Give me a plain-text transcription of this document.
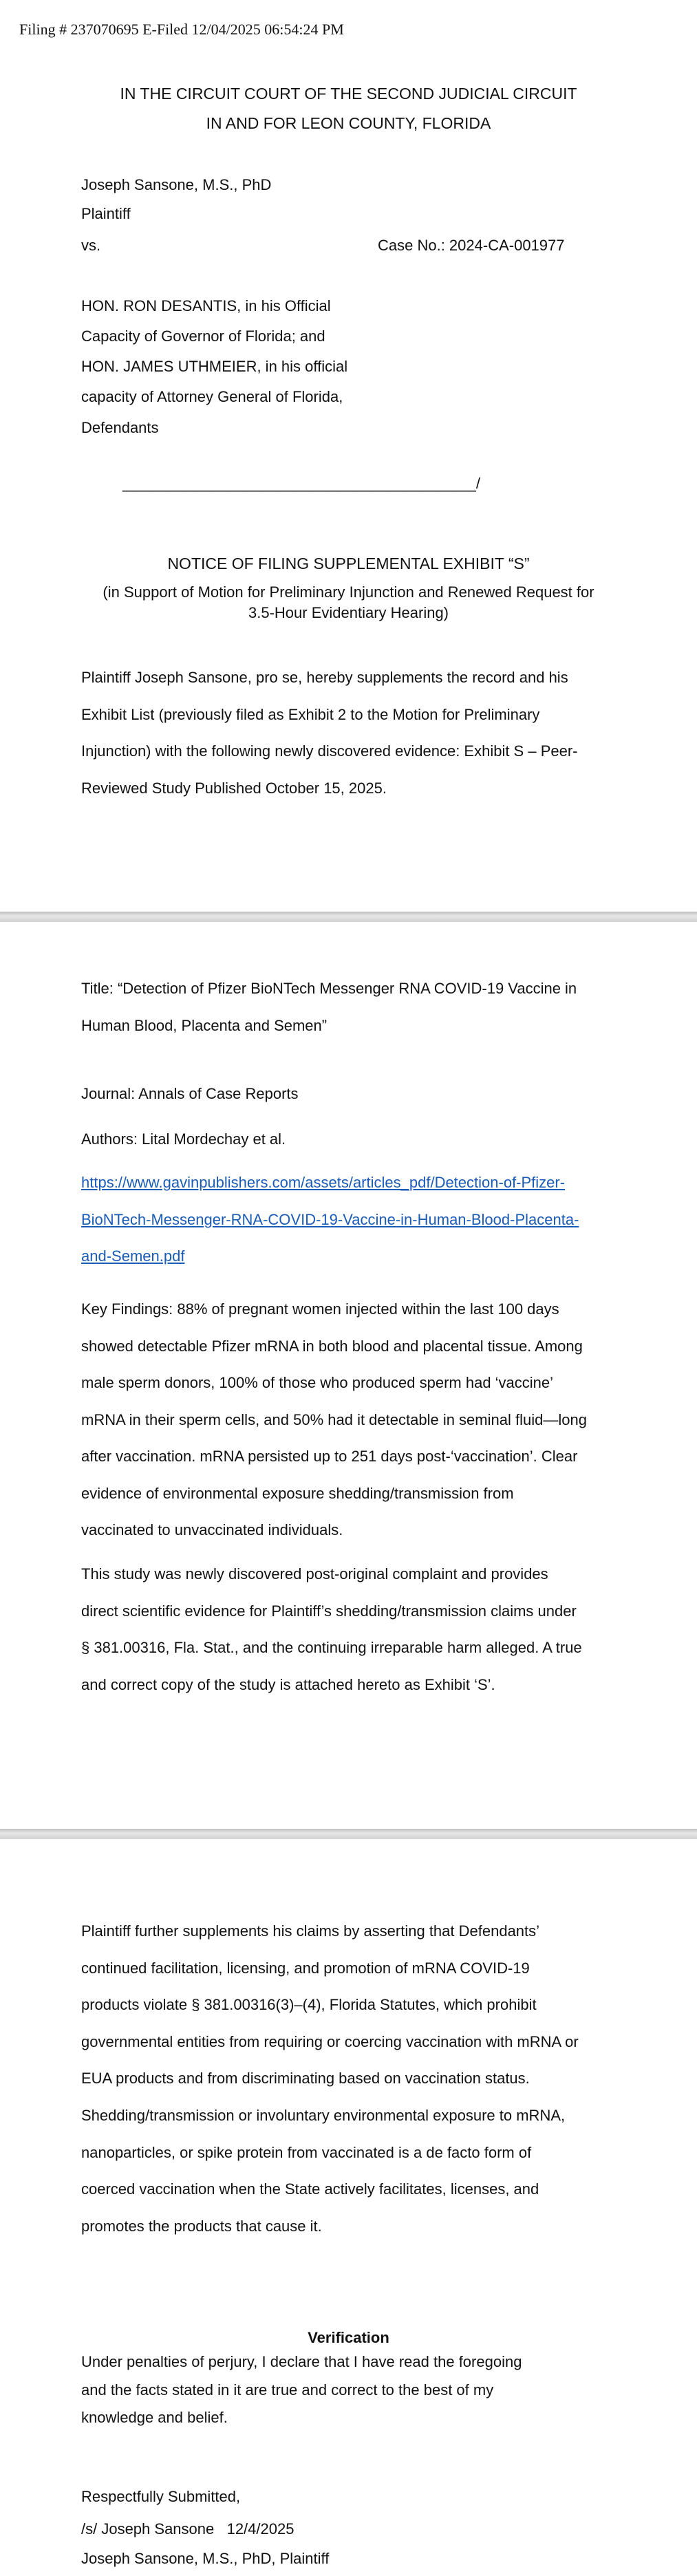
Filing # 237070695 E-Filed 12/04/2025 06:54:24 PM
IN THE CIRCUIT COURT OF THE SECOND JUDICIAL CIRCUIT
IN AND FOR LEON COUNTY, FLORIDA
Joseph Sansone, M.S., PhD
Plaintiff
vs.	Case No.: 2024-CA-001977
HON. RON DESANTIS, in his Official
Capacity of Governor of Florida; and
HON. JAMES UTHMEIER, in his official
capacity of Attorney General of Florida,
Defendants
__________________________________________/
NOTICE OF FILING SUPPLEMENTAL EXHIBIT “S”
(in Support of Motion for Preliminary Injunction and Renewed Request for
3.5-Hour Evidentiary Hearing)
Plaintiff Joseph Sansone, pro se, hereby supplements the record and his
Exhibit List (previously filed as Exhibit 2 to the Motion for Preliminary
Injunction) with the following newly discovered evidence: Exhibit S – Peer-
Reviewed Study Published October 15, 2025.
Title: “Detection of Pfizer BioNTech Messenger RNA COVID-19 Vaccine in
Human Blood, Placenta and Semen”
Journal: Annals of Case Reports
Authors: Lital Mordechay et al.
https://www.gavinpublishers.com/assets/articles_pdf/Detection-of-Pfizer-
BioNTech-Messenger-RNA-COVID-19-Vaccine-in-Human-Blood-Placenta-
and-Semen.pdf
Key Findings: 88% of pregnant women injected within the last 100 days
showed detectable Pfizer mRNA in both blood and placental tissue. Among
male sperm donors, 100% of those who produced sperm had ‘vaccine’
mRNA in their sperm cells, and 50% had it detectable in seminal fluid—long
after vaccination. mRNA persisted up to 251 days post-‘vaccination’. Clear
evidence of environmental exposure shedding/transmission from
vaccinated to unvaccinated individuals.
This study was newly discovered post-original complaint and provides
direct scientific evidence for Plaintiff’s shedding/transmission claims under
§ 381.00316, Fla. Stat., and the continuing irreparable harm alleged. A true
and correct copy of the study is attached hereto as Exhibit ‘S’.
Plaintiff further supplements his claims by asserting that Defendants’
continued facilitation, licensing, and promotion of mRNA COVID-19
products violate § 381.00316(3)–(4), Florida Statutes, which prohibit
governmental entities from requiring or coercing vaccination with mRNA or
EUA products and from discriminating based on vaccination status.
Shedding/transmission or involuntary environmental exposure to mRNA,
nanoparticles, or spike protein from vaccinated is a de facto form of
coerced vaccination when the State actively facilitates, licenses, and
promotes the products that cause it.
Verification
Under penalties of perjury, I declare that I have read the foregoing
and the facts stated in it are true and correct to the best of my
knowledge and belief.
Respectfully Submitted,
/s/ Joseph Sansone   12/4/2025
Joseph Sansone, M.S., PhD, Plaintiff
